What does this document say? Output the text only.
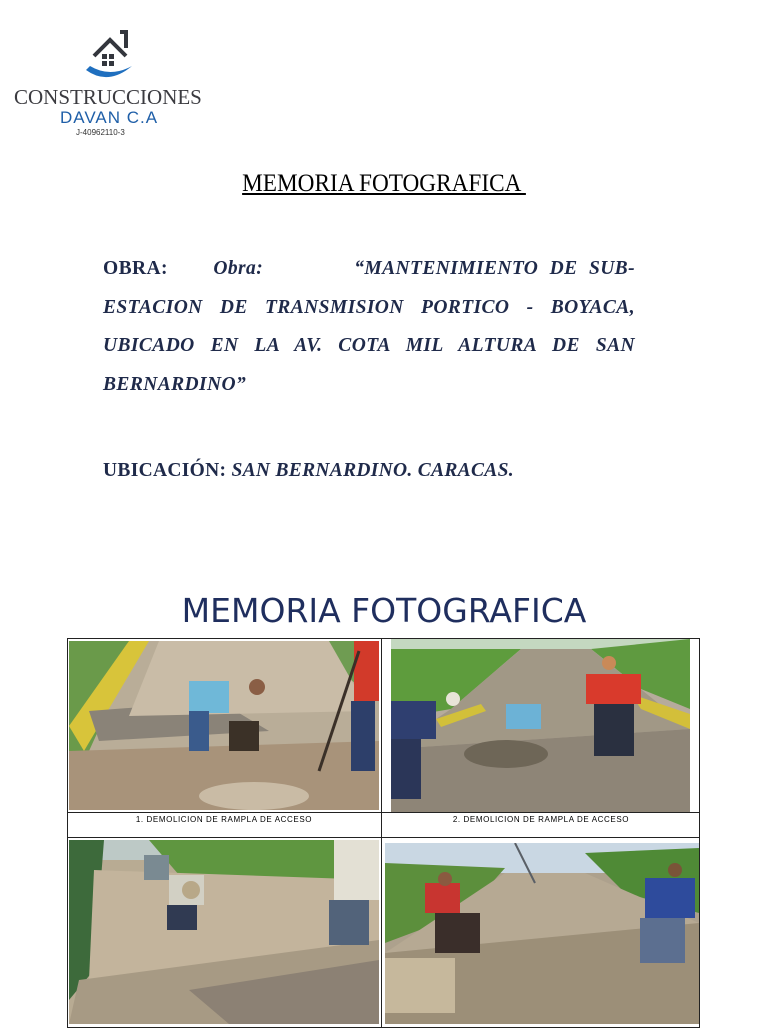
CONSTRUCCIONES
DAVAN C.A
J-40962110-3
MEMORIA FOTOGRAFICA
OBRA: Obra:	“MANTENIMIENTO DE SUB-ESTACION DE TRANSMISION PORTICO - BOYACA, UBICADO EN LA AV. COTA MIL ALTURA DE SAN BERNARDINO”
UBICACIÓN: SAN BERNARDINO. CARACAS.
MEMORIA FOTOGRAFICA
1. DEMOLICION DE RAMPLA DE ACCESO	2. DEMOLICION DE RAMPLA DE ACCESO
